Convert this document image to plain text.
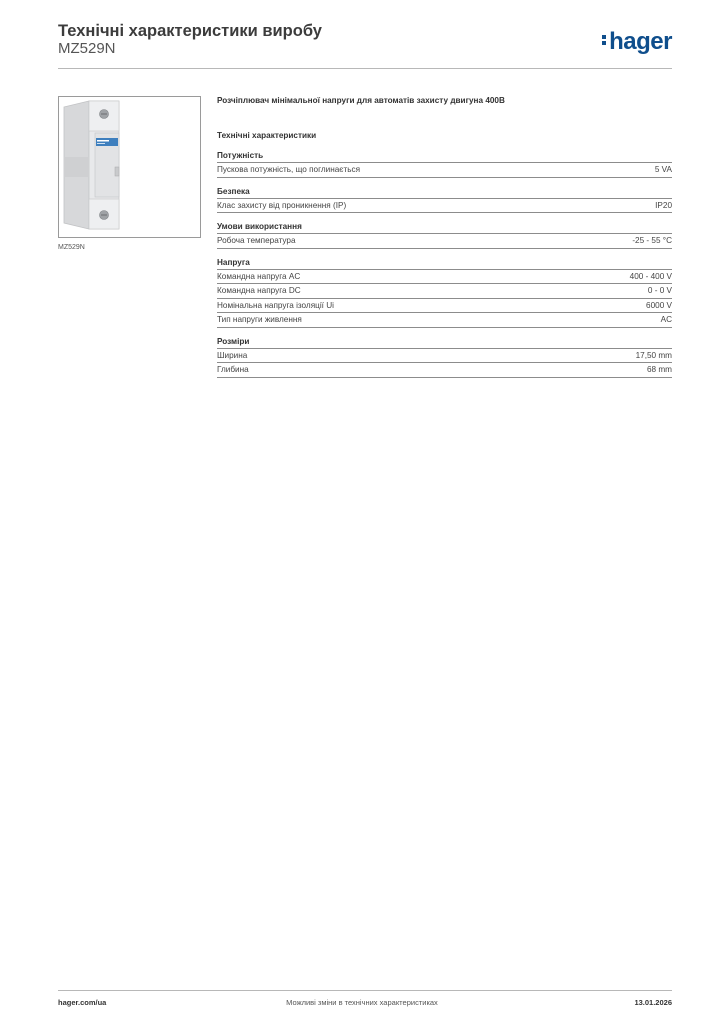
Технічні характеристики виробу
MZ529N	hager
MZ529N
Розчіплювач мінімальної напруги для автоматів захисту двигуна 400В
Технічні характеристики
Потужність
Пускова потужність, що поглинається	5 VA
Безпека
Клас захисту від проникнення (IP)	IP20
Умови використання
Робоча температура	-25 - 55 °C
Напруга
Командна напруга AC	400 - 400 V
Командна напруга DC	0 - 0 V
Номінальна напруга ізоляції Ui	6000 V
Тип напруги живлення	AC
Розміри
Ширина	17,50 mm
Глибина	68 mm
hager.com/ua	Можливі зміни в технічних характеристиках	13.01.2026
